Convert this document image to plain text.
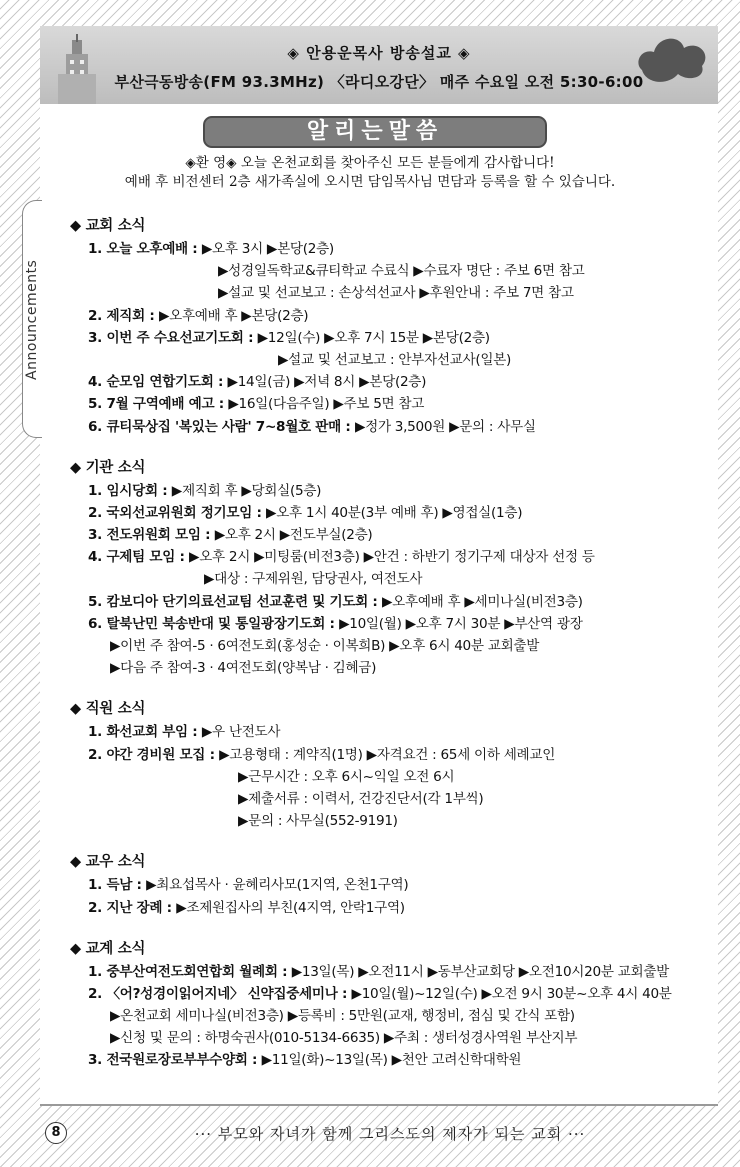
◈ 안용운목사 방송설교 ◈
부산극동방송(FM 93.3MHz) 〈라디오강단〉 매주 수요일 오전 5:30-6:00
알리는말씀
◈환 영◈ 오늘 온천교회를 찾아주신 모든 분들에게 감사합니다!
예배 후 비전센터 2층 새가족실에 오시면 담임목사님 면담과 등록을 할 수 있습니다.
Announcements
◆ 교회 소식
1. 오늘 오후예배 : ▶오후 3시 ▶본당(2층)
▶성경일독학교&큐티학교 수료식 ▶수료자 명단 : 주보 6면 참고
▶설교 및 선교보고 : 손상석선교사 ▶후원안내 : 주보 7면 참고
2. 제직회 : ▶오후예배 후 ▶본당(2층)
3. 이번 주 수요선교기도회 : ▶12일(수) ▶오후 7시 15분 ▶본당(2층)
▶설교 및 선교보고 : 안부자선교사(일본)
4. 순모임 연합기도회 : ▶14일(금) ▶저녁 8시 ▶본당(2층)
5. 7월 구역예배 예고 : ▶16일(다음주일) ▶주보 5면 참고
6. 큐티묵상집 '복있는 사람' 7~8월호 판매 : ▶정가 3,500원 ▶문의 : 사무실
◆ 기관 소식
1. 임시당회 : ▶제직회 후 ▶당회실(5층)
2. 국외선교위원회 정기모임 : ▶오후 1시 40분(3부 예배 후) ▶영접실(1층)
3. 전도위원회 모임 : ▶오후 2시 ▶전도부실(2층)
4. 구제팀 모임 : ▶오후 2시 ▶미팅룸(비전3층) ▶안건 : 하반기 정기구제 대상자 선정 등
▶대상 : 구제위원, 담당권사, 여전도사
5. 캄보디아 단기의료선교팀 선교훈련 및 기도회 : ▶오후예배 후 ▶세미나실(비전3층)
6. 탈북난민 북송반대 및 통일광장기도회 : ▶10일(월) ▶오후 7시 30분 ▶부산역 광장
▶이번 주 참여-5 · 6여전도회(홍성순 · 이복희B) ▶오후 6시 40분 교회출발
▶다음 주 참여-3 · 4여전도회(양복남 · 김혜금)
◆ 직원 소식
1. 화선교회 부임 : ▶우 난전도사
2. 야간 경비원 모집 : ▶고용형태 : 계약직(1명) ▶자격요건 : 65세 이하 세례교인
▶근무시간 : 오후 6시~익일 오전 6시
▶제출서류 : 이력서, 건강진단서(각 1부씩)
▶문의 : 사무실(552-9191)
◆ 교우 소식
1. 득남 : ▶최요섭목사 · 윤혜리사모(1지역, 온천1구역)
2. 지난 장례 : ▶조제원집사의 부친(4지역, 안락1구역)
◆ 교계 소식
1. 중부산여전도회연합회 월례회 : ▶13일(목) ▶오전11시 ▶동부산교회당 ▶오전10시20분 교회출발
2. 〈어?성경이읽어지네〉 신약집중세미나 : ▶10일(월)~12일(수) ▶오전 9시 30분~오후 4시 40분
▶온천교회 세미나실(비전3층) ▶등록비 : 5만원(교재, 행정비, 점심 및 간식 포함)
▶신청 및 문의 : 하명숙권사(010-5134-6635) ▶주최 : 생터성경사역원 부산지부
3. 전국원로장로부부수양회 : ▶11일(화)~13일(목) ▶천안 고려신학대학원
8	··· 부모와 자녀가 함께 그리스도의 제자가 되는 교회 ···
